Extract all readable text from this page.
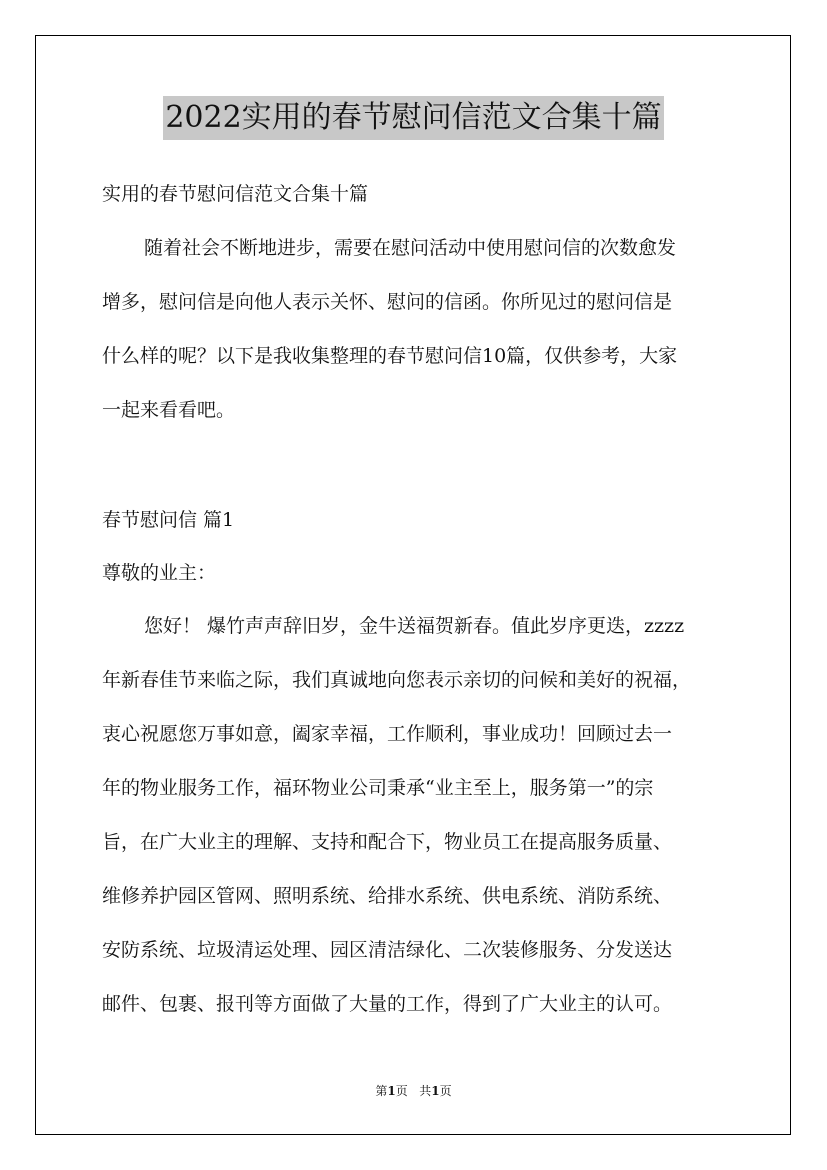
2022实用的春节慰问信范文合集十篇
实用的春节慰问信范文合集十篇
随着社会不断地进步，需要在慰问活动中使用慰问信的次数愈发
增多，慰问信是向他人表示关怀、慰问的信函。你所见过的慰问信是
什么样的呢？以下是我收集整理的春节慰问信10篇，仅供参考，大家
一起来看看吧。
春节慰问信 篇1
尊敬的业主：
您好！ 爆竹声声辞旧岁，金牛送福贺新春。值此岁序更迭，zzzz
年新春佳节来临之际，我们真诚地向您表示亲切的问候和美好的祝福，
衷心祝愿您万事如意，阖家幸福，工作顺利，事业成功！回顾过去一
年的物业服务工作，福环物业公司秉承“业主至上，服务第一”的宗
旨，在广大业主的理解、支持和配合下，物业员工在提高服务质量、
维修养护园区管网、照明系统、给排水系统、供电系统、消防系统、
安防系统、垃圾清运处理、园区清洁绿化、二次装修服务、分发送达
邮件、包裹、报刊等方面做了大量的工作，得到了广大业主的认可。
第1页 共1页
